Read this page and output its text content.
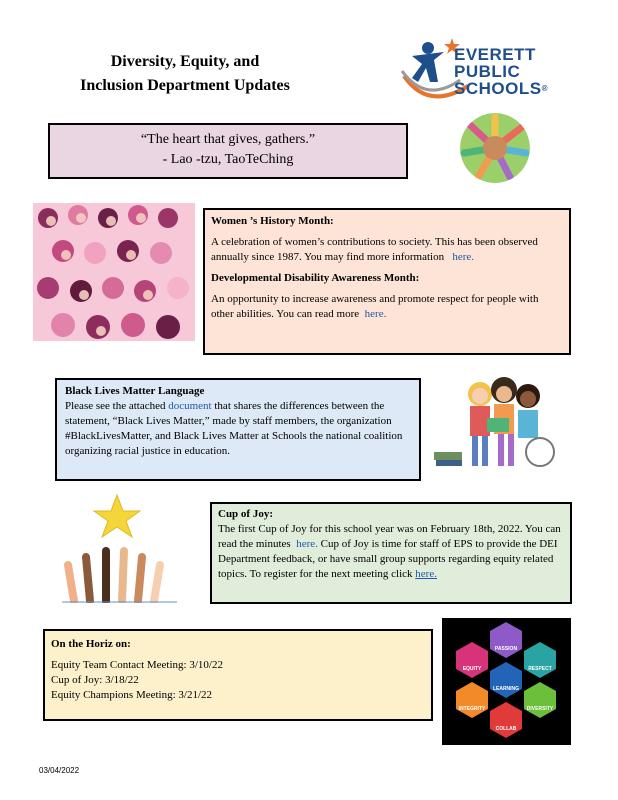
Diversity, Equity, and
Inclusion Department Updates
EVERETT
PUBLIC
SCHOOLS®
“The heart that gives, gathers.”
- Lao -tzu, TaoTeChing

Women ’s History Month:

A celebration of women’s contributions to society. This has been observed annually since 1987. You may find more information here.

Developmental Disability Awareness Month:

An opportunity to increase awareness and promote respect for people with other abilities. You can read more here.

Black Lives Matter Language

Please see the attached document that shares the differences between the statement, “Black Lives Matter,” made by staff members, the organization #BlackLivesMatter, and Black Lives Matter at Schools the national coalition organizing racial justice in education.

Cup of Joy:

The first Cup of Joy for this school year was on February 18th, 2022. You can read the minutes here. Cup of Joy is time for staff of EPS to provide the DEI Department feedback, or have small group supports regarding equity related topics. To register for the next meeting click here.

On the Horiz on:

Equity Team Contact Meeting: 3/10/22

Cup of Joy: 3/18/22

Equity Champions Meeting: 3/21/22

PASSION
EQUITY	RESPECT
LEARNING
INTEGRITY	DIVERSITY
COLLAB
03/04/2022
